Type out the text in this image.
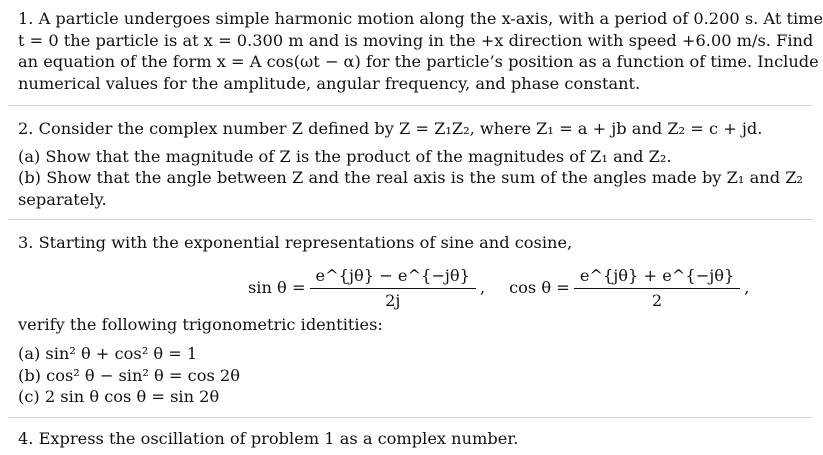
1. A particle undergoes simple harmonic motion along the x-axis, with a period of 0.200 s. At time
t = 0 the particle is at x = 0.300 m and is moving in the +x direction with speed +6.00 m/s. Find
an equation of the form x = A cos(ωt − α) for the particle’s position as a function of time. Include
numerical values for the amplitude, angular frequency, and phase constant.
2. Consider the complex number Z defined by Z = Z₁Z₂, where Z₁ = a + jb and Z₂ = c + jd.
(a) Show that the magnitude of Z is the product of the magnitudes of Z₁ and Z₂.
(b) Show that the angle between Z and the real axis is the sum of the angles made by Z₁ and Z₂
separately.
3. Starting with the exponential representations of sine and cosine,
$\sin \theta = \frac{e\^{}\{j\theta\} - e\^{}\{-j\theta\}}{2j}$ , $\cos \theta = \frac{e\^{}\{j\theta\} + e\^{}\{-j\theta\}}{2}$ ,
verify the following trigonometric identities:
(a) sin² θ + cos² θ = 1
(b) cos² θ − sin² θ = cos 2θ
(c) 2 sin θ cos θ = sin 2θ
4. Express the oscillation of problem 1 as a complex number.
